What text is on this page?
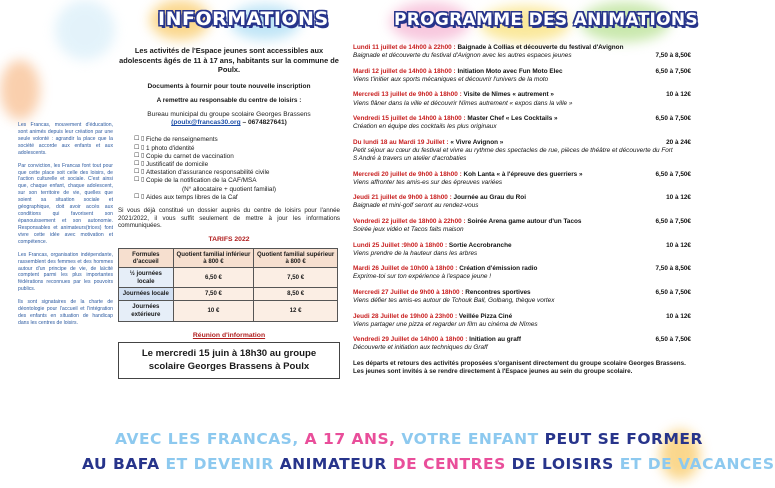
INFORMATIONS	PROGRAMME DES ANIMATIONS

Les Francas, mouvement d'éducation, sont animés depuis leur création par une seule volonté : agrandir la place que la société accorde aux enfants et aux adolescents.

Par conviction, les Francas font tout pour que cette place soit celle des loisirs, de l'action culturelle et sociale. C'est ainsi que, chaque enfant, chaque adolescent, sur son territoire de vie, quelles que soient sa situation sociale et géographique, doit avoir accès aux conditions qui favorisent son épanouissement et son autonomie. Responsables et animateurs(trices) font vivre cette idée avec motivation et compétence.

Les Francas, organisation indépendante, rassemblent des femmes et des hommes autour d'un principe de vie, de laïcité comptent parmi les plus importantes fédérations reconnues par les pouvoirs publics.

Ils sont signataires de la charte de déontologie pour l'accueil et l'intégration des enfants en situation de handicap dans les centres de loisirs.

Les activités de l'Espace jeunes sont accessibles aux adolescents âgés de 11 à 17 ans, habitants sur la commune de Poulx.
Documents à fournir pour toute nouvelle inscription
A remettre au responsable du centre de loisirs :
Bureau municipal du groupe scolaire Georges Brassens
(poulx@francas30.org – 0674827641)
☐ ▯ Fiche de renseignements
☐ ▯ 1 photo d'identité
☐ ▯ Copie du carnet de vaccination
☐ ▯ Justificatif de domicile
☐ ▯ Attestation d'assurance responsabilité civile
☐ ▯ Copie de la notification de la CAF/MSA
(N° allocataire + quotient familial)
☐ ▯ Aides aux temps libres de la Caf
Si vous déjà constitué un dossier auprès du centre de loisirs pour l'année 2021/2022, il vous suffit seulement de mettre à jour les informations communiquées.
TARIFS 2022
Formules d'accueil	Quotient familial inférieur à 800 €	Quotient familial supérieur à 800 €
½ journées locale	6,50 €	7,50 €
Journées locale	7,50 €	8,50 €
Journées extérieure	10 €	12 €
Réunion d'information
Le mercredi 15 juin à 18h30 au groupe scolaire Georges Brassens à Poulx
Lundi 11 juillet de 14h00 à 22h00 : Baignade à Collias et découverte du festival d'Avignon
Baignade et découverte du festival d'Avignon avec les autres espaces jeunes	7,50 à 8,50€
Mardi 12 juillet de 14h00 à 18h00 : Initiation Moto avec Fun Moto Elec	6,50 à 7,50€
Viens t'initier aux sports mécaniques et découvrir l'univers de la moto
Mercredi 13 juillet de 9h00 à 18h00 : Visite de Nîmes « autrement »	10 à 12€
Viens flâner dans la ville et découvrir Nîmes autrement « expos dans la ville »
Vendredi 15 juillet de 14h00 à 18h00 : Master Chef « Les Cocktails »	6,50 à 7,50€
Création en équipe des cocktails les plus originaux
Du lundi 18 au Mardi 19 Juillet : « Vivre Avignon »	20 à 24€
Petit séjour au cœur du festival et vivre au rythme des spectacles de rue, pièces de théâtre et découverte du Fort S André à travers un atelier d'acrobaties
Mercredi 20 juillet de 9h00 à 18h00 : Koh Lanta « à l'épreuve des guerriers »	6,50 à 7,50€
Viens affronter tes amis-es sur des épreuves variées
Jeudi 21 juillet de 9h00 à 18h00 : Journée au Grau du Roi	10 à 12€
Baignade et mini-golf seront au rendez-vous
Vendredi 22 juillet de 18h00 à 22h00 : Soirée Arena game autour d'un Tacos	6,50 à 7,50€
Soirée jeux vidéo et Tacos faits maison
Lundi 25 Juillet :9h00 à 18h00 : Sortie Accrobranche	10 à 12€
Viens prendre de la hauteur dans les arbres
Mardi 26 Juillet de 10h00 à 18h00 : Création d'émission radio	7,50 à 8,50€
Exprime-toi sur ton expérience à l'espace jeune !
Mercredi 27 Juillet de 9h00 à 18h00 : Rencontres sportives	6,50 à 7,50€
Viens défier tes amis-es autour de Tchouk Ball, Golbang, thèque vortex
Jeudi 28 Juillet de 19h00 à 23h00 : Veillée Pizza Ciné	10 à 12€
Viens partager une pizza et regarder un film au cinéma de Nîmes
Vendredi 29 Juillet de 14h00 à 18h00 : Initiation au graff	6,50 à 7,50€
Découverte et initiation aux techniques du Graff
Les départs et retours des activités proposées s'organisent directement du groupe scolaire Georges Brassens. Les jeunes sont invités à se rendre directement à l'Espace jeunes au sein du groupe scolaire.
AVEC LES FRANCAS, A 17 ANS, VOTRE ENFANT PEUT SE FORMER
AU BAFA ET DEVENIR ANIMATEUR DE CENTRES DE LOISIRS ET DE VACANCES
